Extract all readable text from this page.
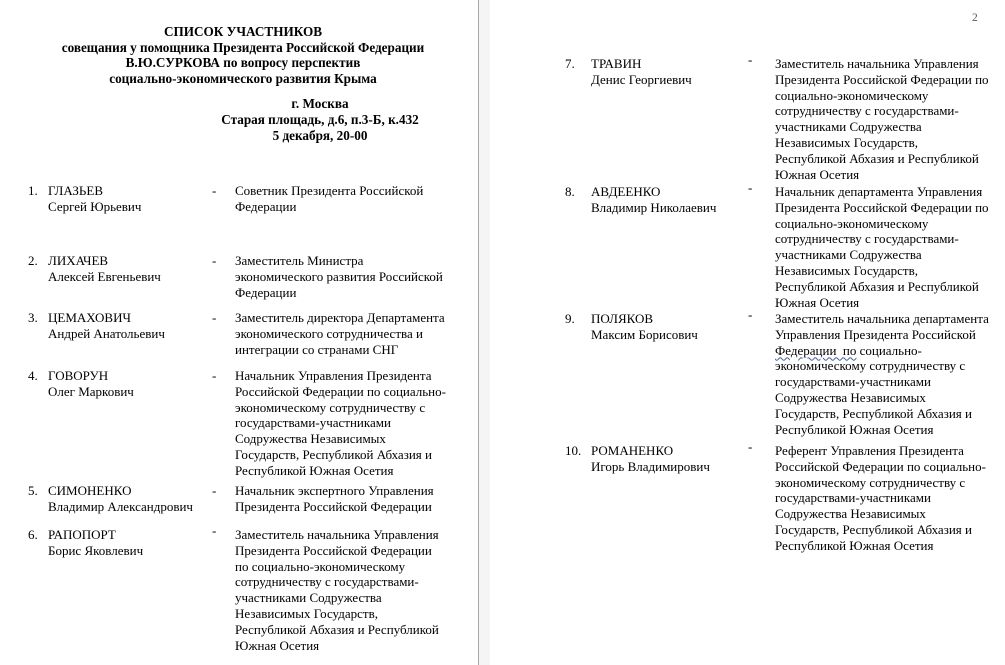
СПИСОК УЧАСТНИКОВ
совещания у помощника Президента Российской Федерации
В.Ю.СУРКОВА по вопросу перспектив
социально-экономического развития Крыма
г. Москва
Старая площадь, д.6, п.3-Б, к.432
5 декабря, 20-00
1. ГЛАЗЬЕВ
Сергей Юрьевич
-	Советник Президента Российской Федерации
2. ЛИХАЧЕВ
Алексей Евгеньевич
-	Заместитель Министра экономического развития Российской Федерации
3. ЦЕМАХОВИЧ
Андрей Анатольевич
-	Заместитель директора Департамента экономического сотрудничества и интеграции со странами СНГ
4. ГОВОРУН
Олег Маркович
-	Начальник Управления Президента Российской Федерации по социально-экономическому сотрудничеству с государствами-участниками Содружества Независимых Государств, Республикой Абхазия и Республикой Южная Осетия
5. СИМОНЕНКО
Владимир Александрович
-	Начальник экспертного Управления Президента Российской Федерации
6. РАПОПОРТ
Борис Яковлевич
-	Заместитель начальника Управления Президента Российской Федерации по социально-экономическому сотрудничеству с государствами-участниками Содружества Независимых Государств, Республикой Абхазия и Республикой Южная Осетия
2
7.	ТРАВИН
Денис Георгиевич
-	Заместитель начальника Управления Президента Российской Федерации по социально-экономическому сотрудничеству с государствами-участниками Содружества Независимых Государств, Республикой Абхазия и Республикой Южная Осетия
8.	АВДЕЕНКО
Владимир Николаевич
-	Начальник департамента Управления Президента Российской Федерации по социально-экономическому сотрудничеству с государствами-участниками Содружества Независимых Государств, Республикой Абхазия и Республикой Южная Осетия
9.	ПОЛЯКОВ
Максим Борисович
-	Заместитель начальника департамента Управления Президента Российской Федерации  по социально-экономическому сотрудничеству с государствами-участниками Содружества Независимых Государств, Республикой Абхазия и Республикой Южная Осетия
10. РОМАНЕНКО
Игорь Владимирович
-	Референт Управления Президента Российской Федерации по социально-экономическому сотрудничеству с государствами-участниками Содружества Независимых Государств, Республикой Абхазия и Республикой Южная Осетия
